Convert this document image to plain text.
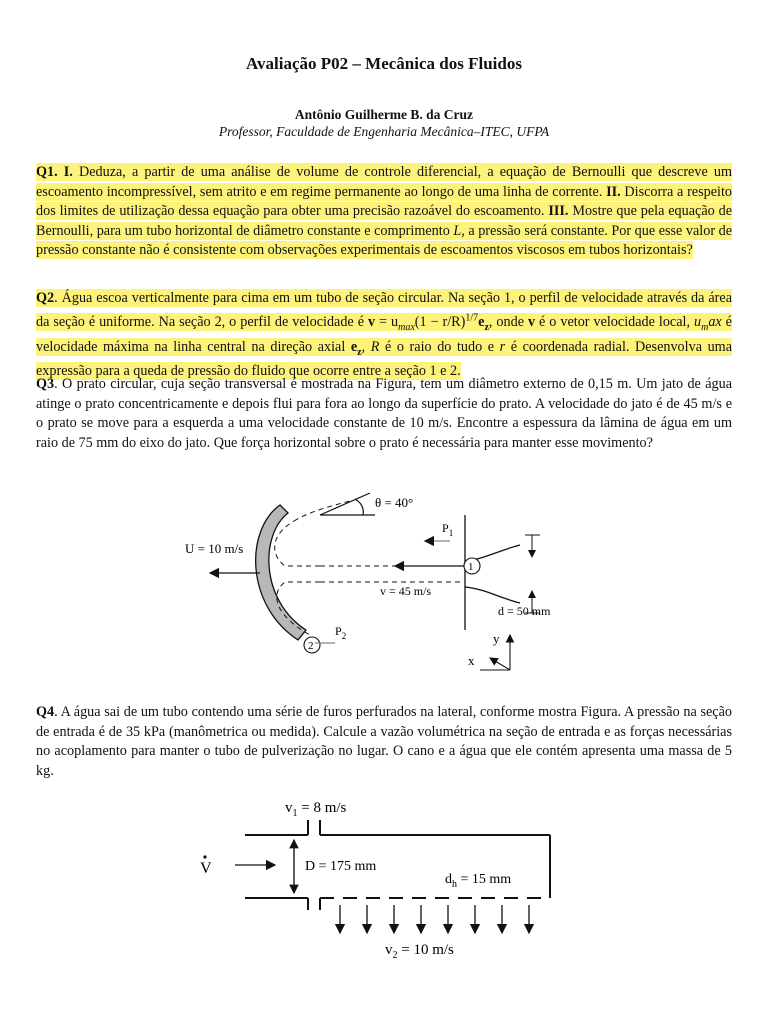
Avaliação P02 – Mecânica dos Fluidos
Antônio Guilherme B. da Cruz
Professor, Faculdade de Engenharia Mecânica–ITEC, UFPA
Q1. I. Deduza, a partir de uma análise de volume de controle diferencial, a equação de Bernoulli que descreve um escoamento incompressível, sem atrito e em regime permanente ao longo de uma linha de corrente. II. Discorra a respeito dos limites de utilização dessa equação para obter uma precisão razoável do escoamento. III. Mostre que pela equação de Bernoulli, para um tubo horizontal de diâmetro constante e comprimento L, a pressão será constante. Por que esse valor de pressão constante não é consistente com observações experimentais de escoamentos viscosos em tubos horizontais?
Q2. Água escoa verticalmente para cima em um tubo de seção circular. Na seção 1, o perfil de velocidade através da área da seção é uniforme. Na seção 2, o perfil de velocidade é $v = u_{max}(1 - r/R)^{1/7}e_z$, onde v é o vetor velocidade local, $u_max$ é velocidade máxima na linha central na direção axial $e_z$, R é o raio do tudo e r é coordenada radial. Desenvolva uma expressão para a queda de pressão do fluido que ocorre entre a seção 1 e 2.
Q3. O prato circular, cuja seção transversal é mostrada na Figura, tem um diâmetro externo de 0,15 m. Um jato de água atinge o prato concentricamente e depois flui para fora ao longo da superfície do prato. A velocidade do jato é de 45 m/s e o prato se move para a esquerda a uma velocidade constante de 10 m/s. Encontre a espessura da lâmina de água em um raio de 75 mm do eixo do jato. Que força horizontal sobre o prato é necessária para manter esse movimento?
θ = 40°
U = 10 m/s
v = 45 m/s
1
$P_1$
d = 50 mm
2
$P_2$	y
x
Q4. A água sai de um tubo contendo uma série de furos perfurados na lateral, conforme mostra Figura. A pressão na seção de entrada é de 35 kPa (manômetrica ou medida). Calcule a vazão volumétrica na seção de entrada e as forças necessárias no acoplamento para manter o tubo de pulverização no lugar. O cano e a água que ele contém apresenta uma massa de 5 kg.
$v_1 = 8$ m/s
V	D = 175 mm
$d_h = 15$ mm
$v_2 = 10$ m/s
